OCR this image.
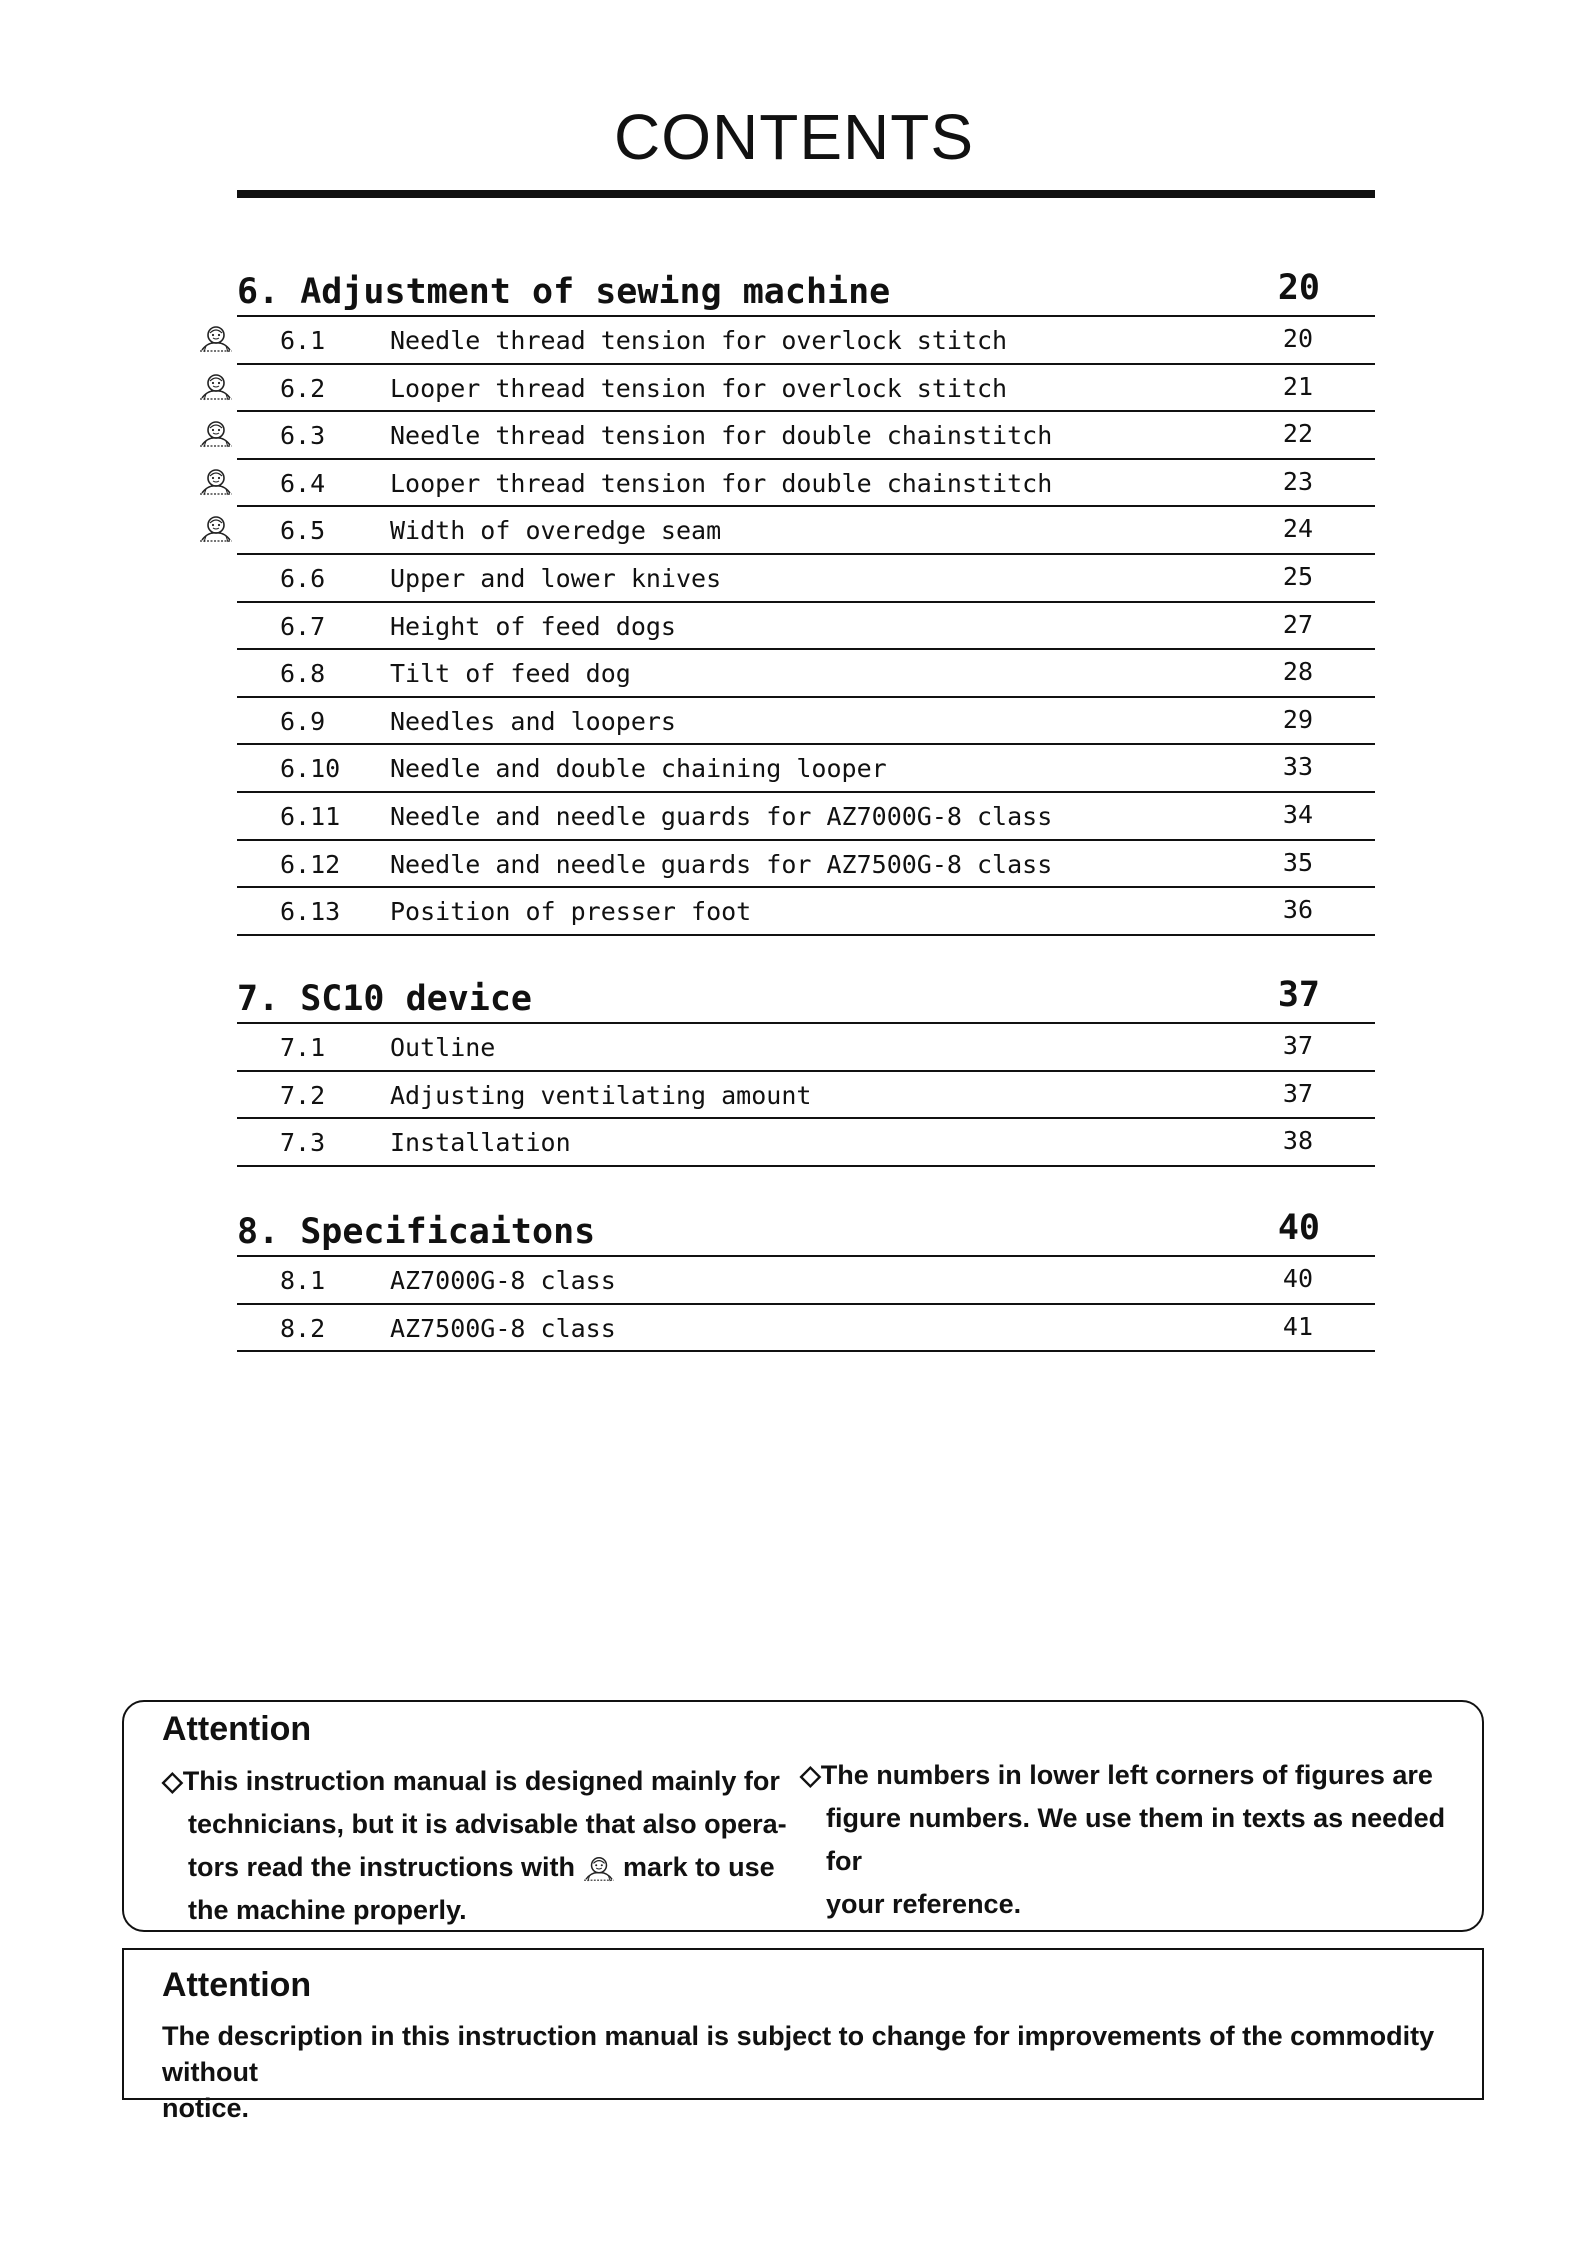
CONTENTS
6. Adjustment of sewing machine	20
6.1	Needle thread tension for overlock stitch	20
6.2	Looper thread tension for overlock stitch	21
6.3	Needle thread tension for double chainstitch	22
6.4	Looper thread tension for double chainstitch	23
6.5	Width of overedge seam	24
6.6	Upper and lower knives	25
6.7	Height of feed dogs	27
6.8	Tilt of feed dog	28
6.9	Needles and loopers	29
6.10 Needle and double chaining looper	33
6.11 Needle and needle guards for AZ7000G-8 class	34
6.12 Needle and needle guards for AZ7500G-8 class	35
6.13 Position of presser foot	36
7. SC10 device	37
7.1	Outline	37
7.2	Adjusting ventilating amount	37
7.3	Installation	38
8. Specificaitons	40
8.1	AZ7000G-8 class	40
8.2	AZ7500G-8 class	41
Attention
◇This instruction manual is designed mainly for
technicians, but it is advisable that also opera-
tors read the instructions with mark to use
the machine properly.
◇The numbers in lower left corners of figures are
figure numbers. We use them in texts as needed for
your reference.
Attention
The description in this instruction manual is subject to change for improvements of the commodity without
notice.
